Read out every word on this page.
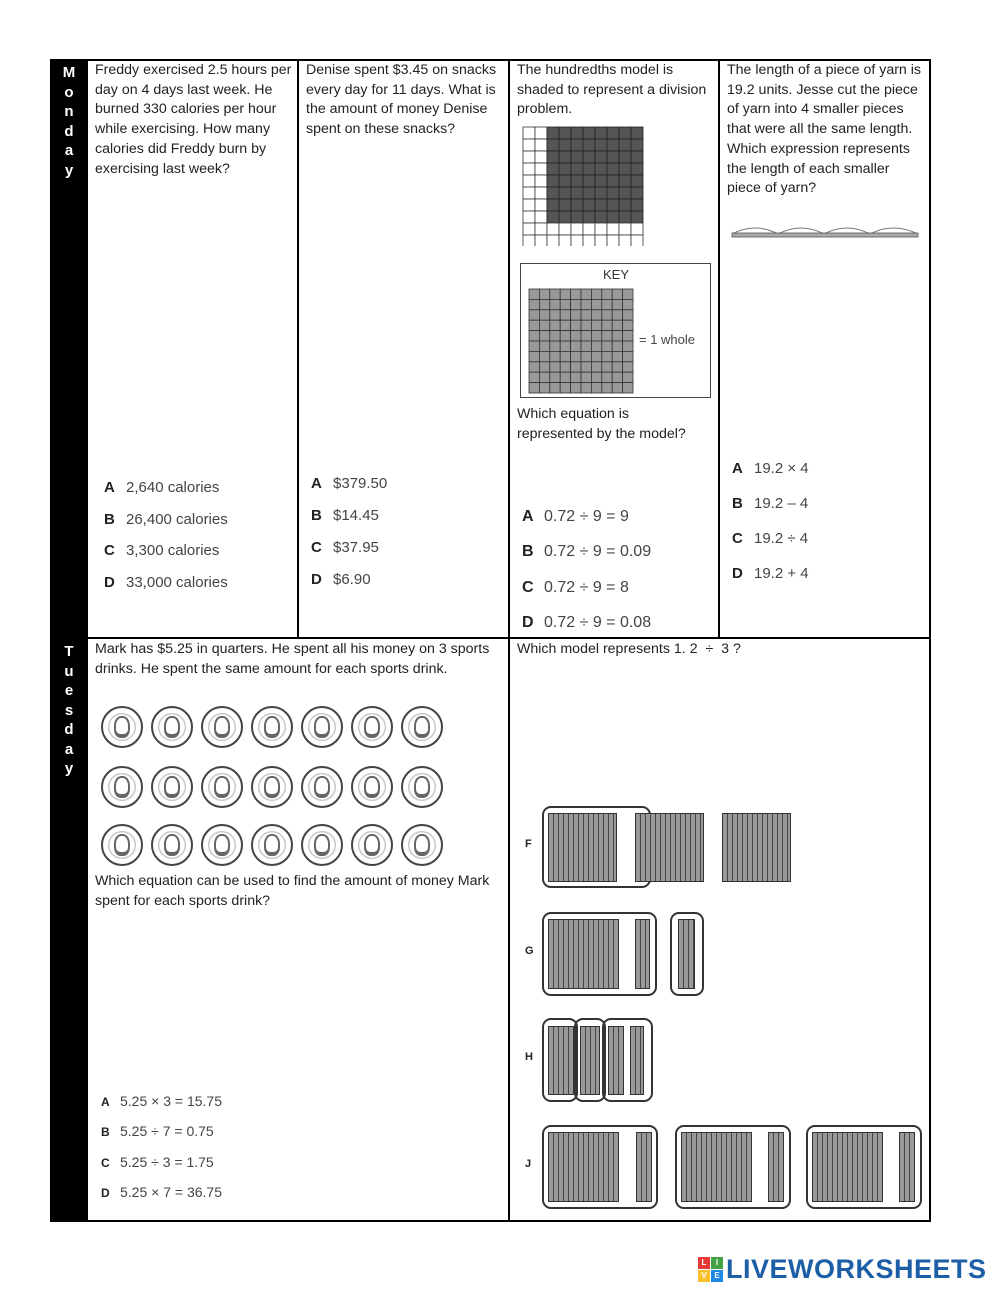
M
o
n
d
a
y
T
u
e
s
d
a
y
Freddy exercised 2.5 hours per day on 4 days last week. He burned 330 calories per hour while exercising. How many calories did Freddy burn by exercising last week?
A 2,640 calories
B 26,400 calories
C 3,300 calories
D 33,000 calories
Denise spent $3.45 on snacks every day for 11 days. What is the amount of money Denise spent on these snacks?
A $379.50
B $14.45
C $37.95
D $6.90
The hundredths model is shaded to represent a division problem.
KEY
= 1 whole
Which equation is represented by the model?
A 0.72 ÷ 9 = 9
B 0.72 ÷ 9 = 0.09
C 0.72 ÷ 9 = 8
D 0.72 ÷ 9 = 0.08
The length of a piece of yarn is 19.2 units. Jesse cut the piece of yarn into 4 smaller pieces that were all the same length. Which expression represents the length of each smaller piece of yarn?
A 19.2 × 4
B 19.2 – 4
C 19.2 ÷ 4
D 19.2 + 4
Mark has $5.25 in quarters. He spent all his money on 3 sports drinks. He spent the same amount for each sports drink.
Which equation can be used to find the amount of money Mark spent for each sports drink?
A 5.25 × 3 = 15.75
B 5.25 ÷ 7 = 0.75
C 5.25 ÷ 3 = 1.75
D 5.25 × 7 = 36.75
Which model represents 1. 2  ÷  3 ?
F
G
H
J
L	I
V E LIVEWORKSHEETS
